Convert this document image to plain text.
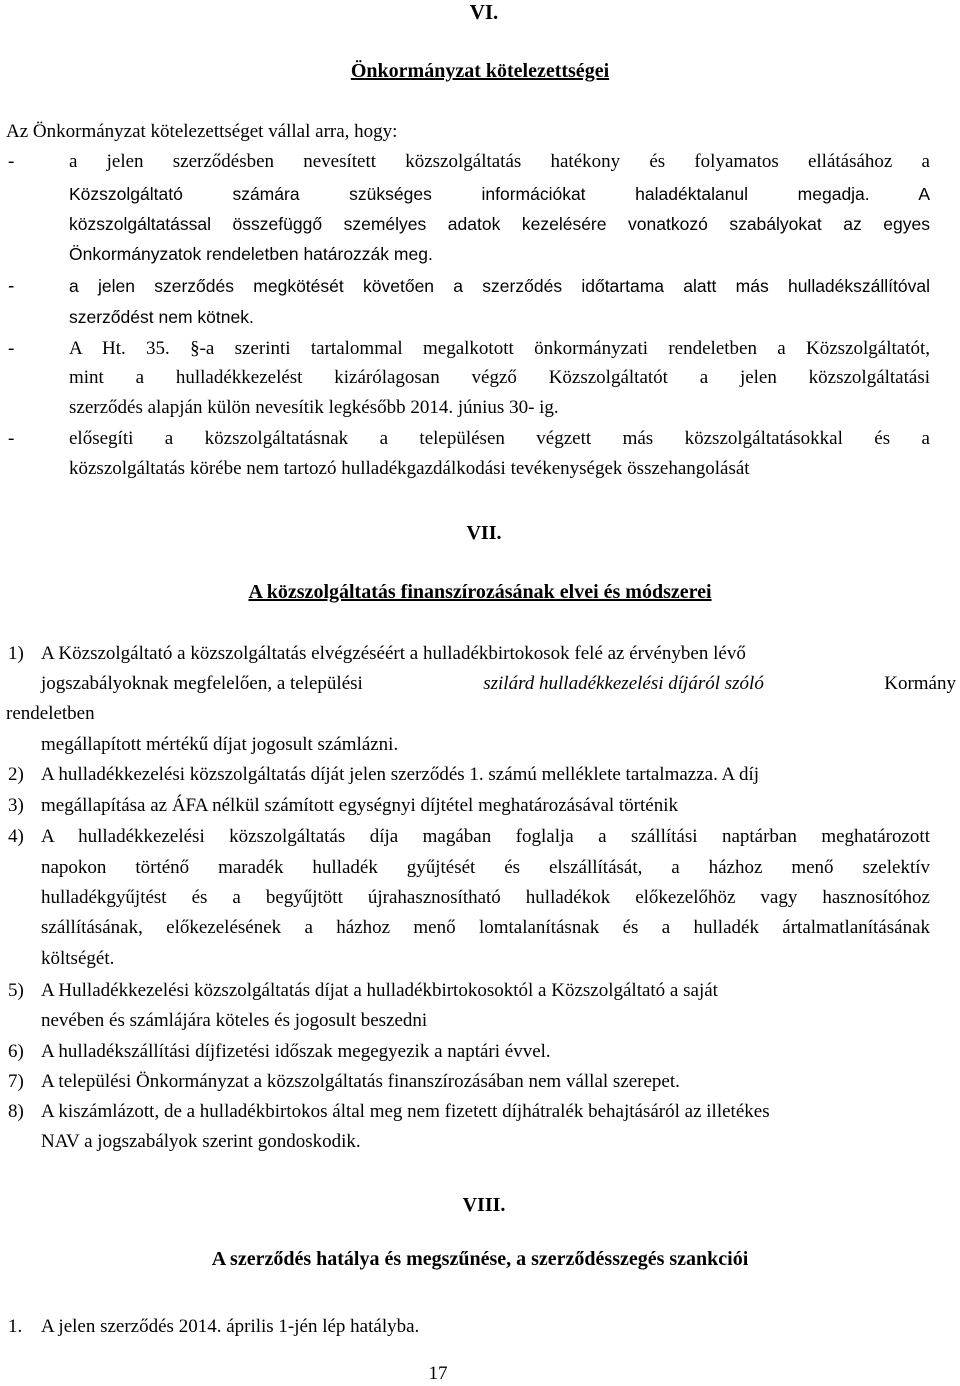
VI.
Önkormányzat kötelezettségei
Az Önkormányzat kötelezettséget vállal arra, hogy:
-	a jelen szerződésben nevesített közszolgáltatás hatékony és folyamatos ellátásához a
Közszolgáltató számára szükséges információkat haladéktalanul megadja. A
közszolgáltatással összefüggő személyes adatok kezelésére vonatkozó szabályokat az egyes
Önkormányzatok rendeletben határozzák meg.
-	a jelen szerződés megkötését követően a szerződés időtartama alatt más hulladékszállítóval
szerződést nem kötnek.
-	A Ht. 35. §-a szerinti tartalommal megalkotott önkormányzati rendeletben a Közszolgáltatót,
mint a hulladékkezelést kizárólagosan végző Közszolgáltatót a jelen közszolgáltatási
szerződés alapján külön nevesítik legkésőbb 2014. június 30- ig.
-	elősegíti a közszolgáltatásnak a településen végzett más közszolgáltatásokkal és a
közszolgáltatás körébe nem tartozó hulladékgazdálkodási tevékenységek összehangolását
VII.
A közszolgáltatás finanszírozásának elvei és módszerei
1) A Közszolgáltató a közszolgáltatás elvégzéséért a hulladékbirtokosok felé az érvényben lévő
jogszabályoknak megfelelően, a települési	szilárd hulladékkezelési díjáról szóló	Kormány
rendeletben
megállapított mértékű díjat jogosult számlázni.
2) A hulladékkezelési közszolgáltatás díját jelen szerződés 1. számú melléklete tartalmazza. A díj
3) megállapítása az ÁFA nélkül számított egységnyi díjtétel meghatározásával történik
4) A hulladékkezelési közszolgáltatás díja magában foglalja a szállítási naptárban meghatározott
napokon történő maradék hulladék gyűjtését és elszállítását, a házhoz menő szelektív
hulladékgyűjtést és a begyűjtött újrahasznosítható hulladékok előkezelőhöz vagy hasznosítóhoz
szállításának, előkezelésének a házhoz menő lomtalanításnak és a hulladék ártalmatlanításának
költségét.
5) A Hulladékkezelési közszolgáltatás díjat a hulladékbirtokosoktól a Közszolgáltató a saját
nevében és számlájára köteles és jogosult beszedni
6) A hulladékszállítási díjfizetési időszak megegyezik a naptári évvel.
7) A települési Önkormányzat a közszolgáltatás finanszírozásában nem vállal szerepet.
8) A kiszámlázott, de a hulladékbirtokos által meg nem fizetett díjhátralék behajtásáról az illetékes
NAV a jogszabályok szerint gondoskodik.
VIII.
A szerződés hatálya és megszűnése, a szerződésszegés szankciói
1. A jelen szerződés 2014. április 1-jén lép hatályba.
17
